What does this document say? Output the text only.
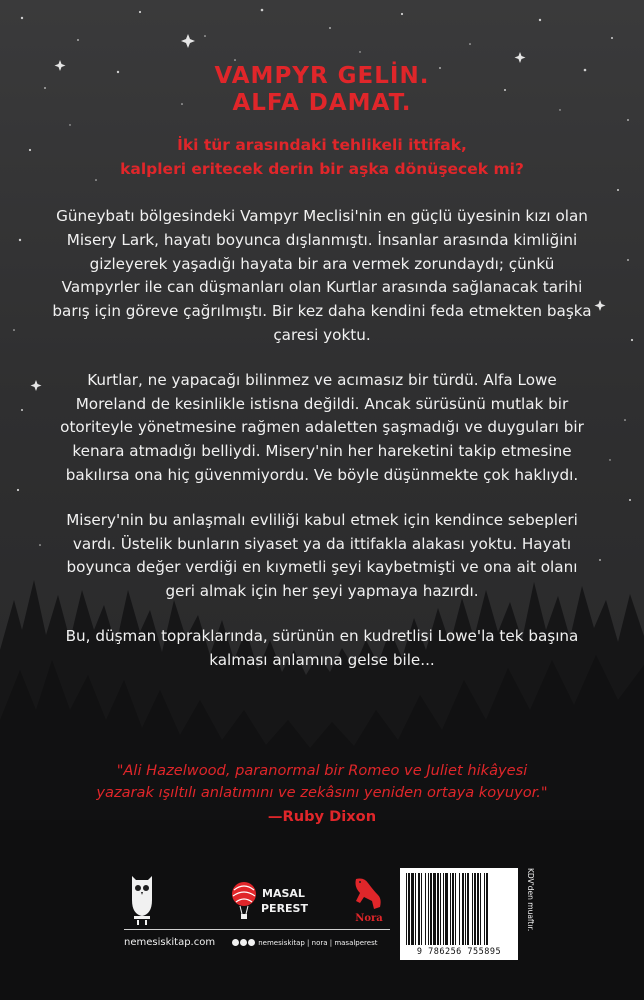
VAMPYR GELİN.
ALFA DAMAT.
İki tür arasındaki tehlikeli ittifak,
kalpleri eritecek derin bir aşka dönüşecek mi?

Güneybatı bölgesindeki Vampyr Meclisi'nin en güçlü üyesinin kızı olan Misery Lark, hayatı boyunca dışlanmıştı. İnsanlar arasında kimliğini gizleyerek yaşadığı hayata bir ara vermek zorundaydı; çünkü Vampyrler ile can düşmanları olan Kurtlar arasında sağlanacak tarihi barış için göreve çağrılmıştı. Bir kez daha kendini feda etmekten başka çaresi yoktu.

Kurtlar, ne yapacağı bilinmez ve acımasız bir türdü. Alfa Lowe Moreland de kesinlikle istisna değildi. Ancak sürüsünü mutlak bir otoriteyle yönetmesine rağmen adaletten şaşmadığı ve duyguları bir kenara atmadığı belliydi. Misery'nin her hareketini takip etmesine bakılırsa ona hiç güvenmiyordu. Ve böyle düşünmekte çok haklıydı.

Misery'nin bu anlaşmalı evliliği kabul etmek için kendince sebepleri vardı. Üstelik bunların siyaset ya da ittifakla alakası yoktu. Hayatı boyunca değer verdiği en kıymetli şeyi kaybetmişti ve ona ait olanı geri almak için her şeyi yapmaya hazırdı.

Bu, düşman topraklarında, sürünün en kudretlisi Lowe'la tek başına kalması anlamına gelse bile...

"Ali Hazelwood, paranormal bir Romeo ve Juliet hikâyesi
yazarak ışıltılı anlatımını ve zekâsını yeniden ortaya koyuyor."
—Ruby Dixon
MASAL
PEREST
Nora
nemesiskitap.com	nemesiskitap | nora | masalperest
9 786256 755895
KDV'den muaftır.
